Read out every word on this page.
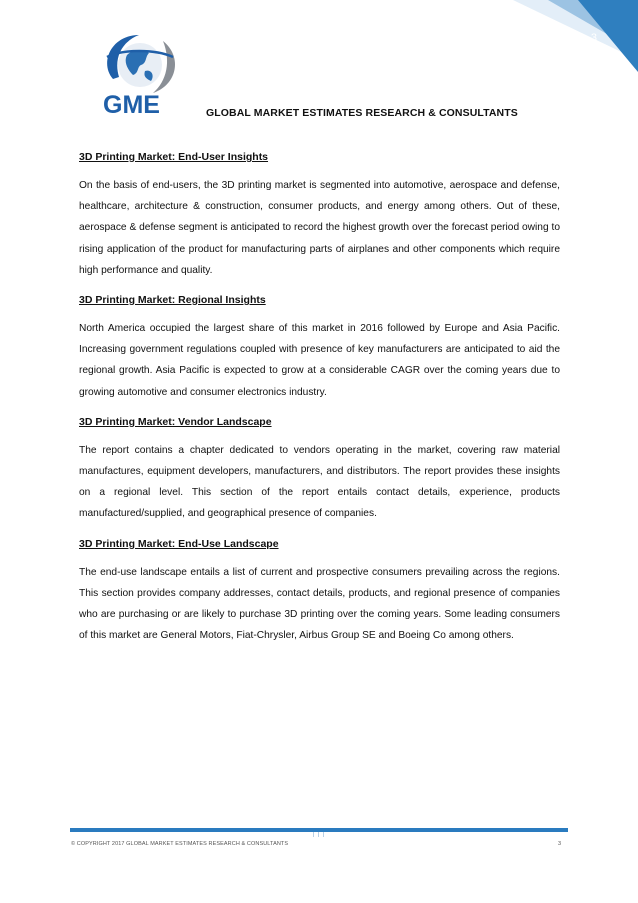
3
GME	GLOBAL MARKET ESTIMATES RESEARCH & CONSULTANTS
3D Printing Market: End-User Insights

On the basis of end-users, the 3D printing market is segmented into automotive, aerospace and defense, healthcare, architecture & construction, consumer products, and energy among others. Out of these, aerospace & defense segment is anticipated to record the highest growth over the forecast period owing to rising application of the product for manufacturing parts of airplanes and other components which require high performance and quality.

3D Printing Market: Regional Insights

North America occupied the largest share of this market in 2016 followed by Europe and Asia Pacific. Increasing government regulations coupled with presence of key manufacturers are anticipated to aid the regional growth. Asia Pacific is expected to grow at a considerable CAGR over the coming years due to growing automotive and consumer electronics industry.

3D Printing Market: Vendor Landscape

The report contains a chapter dedicated to vendors operating in the market, covering raw material manufactures, equipment developers, manufacturers, and distributors. The report provides these insights on a regional level. This section of the report entails contact details, experience, products manufactured/supplied, and geographical presence of companies.

3D Printing Market: End-Use Landscape

The end-use landscape entails a list of current and prospective consumers prevailing across the regions. This section provides company addresses, contact details, products, and regional presence of companies who are purchasing or are likely to purchase 3D printing over the coming years. Some leading consumers of this market are General Motors, Fiat-Chrysler, Airbus Group SE and Boeing Co among others.

© COPYRIGHT 2017 GLOBAL MARKET ESTIMATES RESEARCH & CONSULTANTS	3
